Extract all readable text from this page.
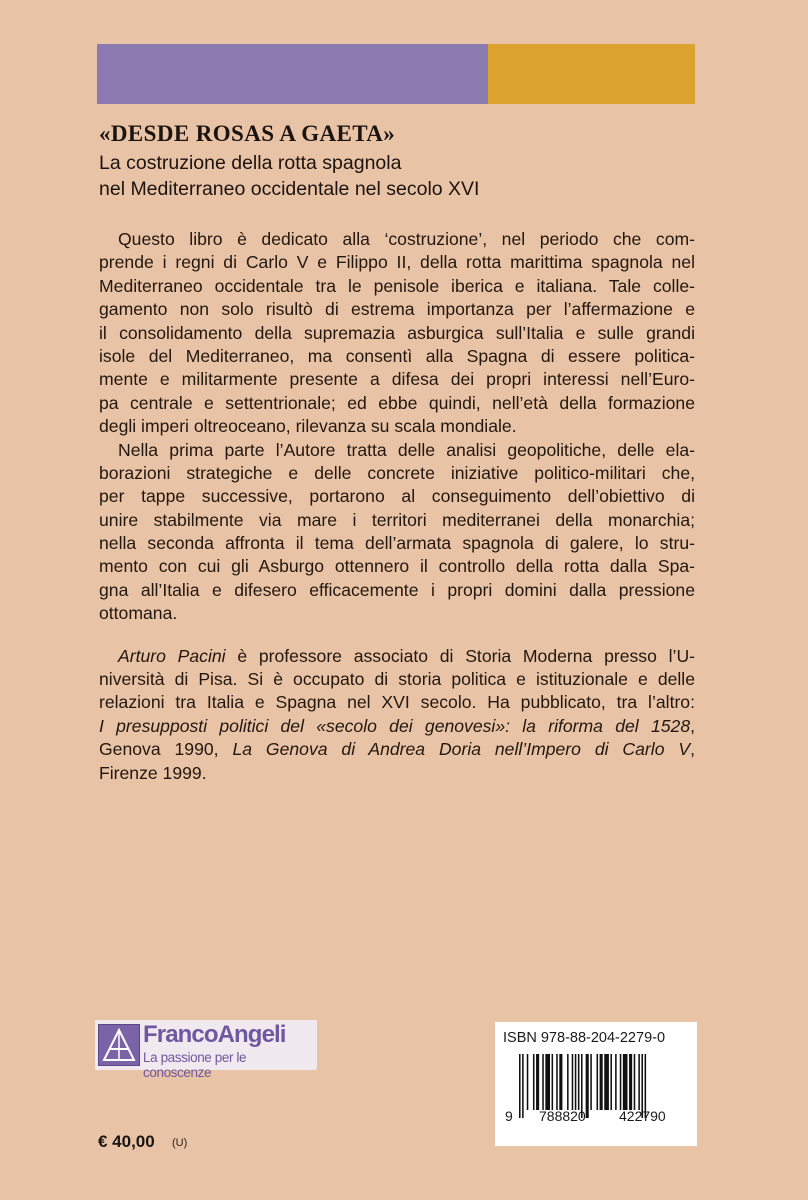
«DESDE ROSAS A GAETA»
La costruzione della rotta spagnola
nel Mediterraneo occidentale nel secolo XVI
Questo libro è dedicato alla ‘costruzione’, nel periodo che com-
prende i regni di Carlo V e Filippo II, della rotta marittima spagnola nel
Mediterraneo occidentale tra le penisole iberica e italiana. Tale colle-
gamento non solo risultò di estrema importanza per l’affermazione e
il consolidamento della supremazia asburgica sull’Italia e sulle grandi
isole del Mediterraneo, ma consentì alla Spagna di essere politica-
mente e militarmente presente a difesa dei propri interessi nell’Euro-
pa centrale e settentrionale; ed ebbe quindi, nell’età della formazione
degli imperi oltreoceano, rilevanza su scala mondiale.
Nella prima parte l’Autore tratta delle analisi geopolitiche, delle ela-
borazioni strategiche e delle concrete iniziative politico-militari che,
per tappe successive, portarono al conseguimento dell’obiettivo di
unire stabilmente via mare i territori mediterranei della monarchia;
nella seconda affronta il tema dell’armata spagnola di galere, lo stru-
mento con cui gli Asburgo ottennero il controllo della rotta dalla Spa-
gna all’Italia e difesero efficacemente i propri domini dalla pressione
ottomana.
Arturo Pacini è professore associato di Storia Moderna presso l’U-
niversità di Pisa. Si è occupato di storia politica e istituzionale e delle
relazioni tra Italia e Spagna nel XVI secolo. Ha pubblicato, tra l’altro:
I presupposti politici del «secolo dei genovesi»: la riforma del 1528,
Genova 1990, La Genova di Andrea Doria nell’Impero di Carlo V,
Firenze 1999.
FrancoAngeli
La passione per le conoscenze
ISBN 978-88-204-2279-0
9 788820 422790
€ 40,00 (U)
